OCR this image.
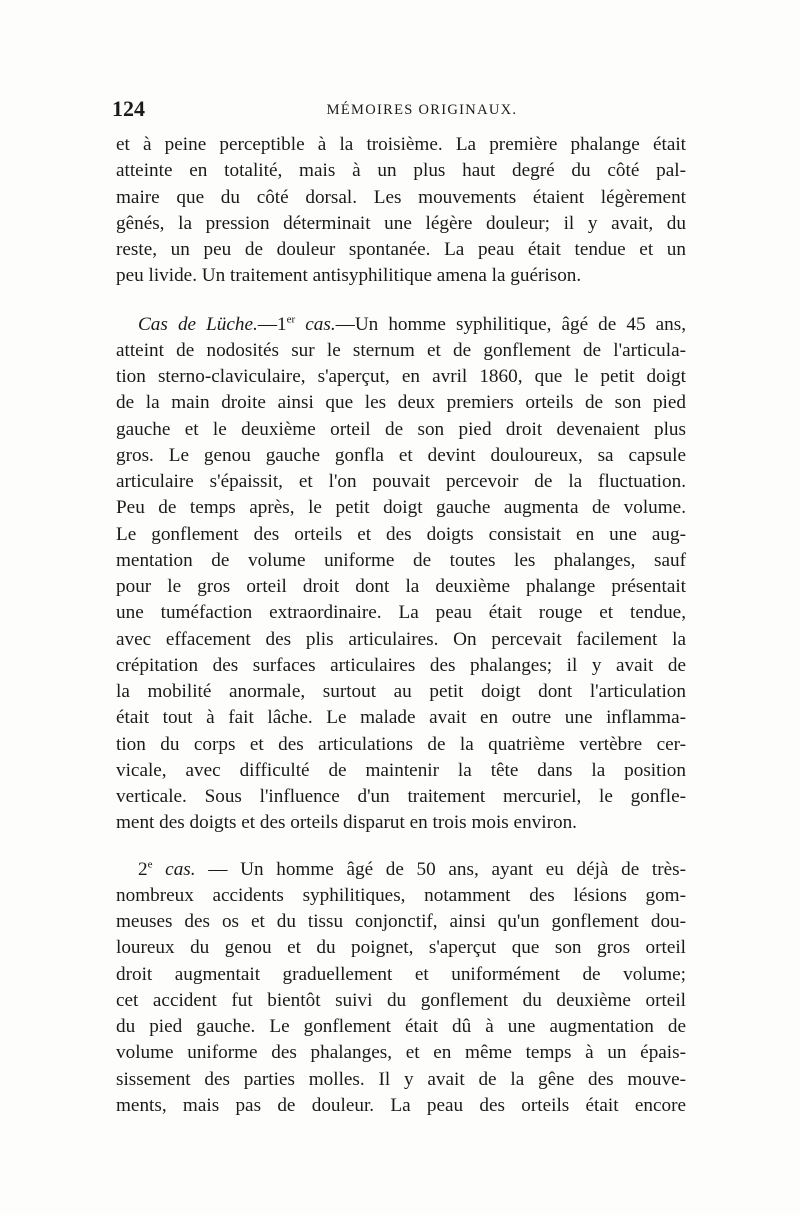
124	MÉMOIRES ORIGINAUX.
et à peine perceptible à la troisième. La première phalange était
atteinte en totalité, mais à un plus haut degré du côté pal-
maire que du côté dorsal. Les mouvements étaient légèrement
gênés, la pression déterminait une légère douleur; il y avait, du
reste, un peu de douleur spontanée. La peau était tendue et un
peu livide. Un traitement antisyphilitique amena la guérison.
Cas de Lüche.—1er cas.—Un homme syphilitique, âgé de 45 ans,
atteint de nodosités sur le sternum et de gonflement de l'articula-
tion sterno-claviculaire, s'aperçut, en avril 1860, que le petit doigt
de la main droite ainsi que les deux premiers orteils de son pied
gauche et le deuxième orteil de son pied droit devenaient plus
gros. Le genou gauche gonfla et devint douloureux, sa capsule
articulaire s'épaissit, et l'on pouvait percevoir de la fluctuation.
Peu de temps après, le petit doigt gauche augmenta de volume.
Le gonflement des orteils et des doigts consistait en une aug-
mentation de volume uniforme de toutes les phalanges, sauf
pour le gros orteil droit dont la deuxième phalange présentait
une tuméfaction extraordinaire. La peau était rouge et tendue,
avec effacement des plis articulaires. On percevait facilement la
crépitation des surfaces articulaires des phalanges; il y avait de
la mobilité anormale, surtout au petit doigt dont l'articulation
était tout à fait lâche. Le malade avait en outre une inflamma-
tion du corps et des articulations de la quatrième vertèbre cer-
vicale, avec difficulté de maintenir la tête dans la position
verticale. Sous l'influence d'un traitement mercuriel, le gonfle-
ment des doigts et des orteils disparut en trois mois environ.
2e cas. — Un homme âgé de 50 ans, ayant eu déjà de très-
nombreux accidents syphilitiques, notamment des lésions gom-
meuses des os et du tissu conjonctif, ainsi qu'un gonflement dou-
loureux du genou et du poignet, s'aperçut que son gros orteil
droit augmentait graduellement et uniformément de volume;
cet accident fut bientôt suivi du gonflement du deuxième orteil
du pied gauche. Le gonflement était dû à une augmentation de
volume uniforme des phalanges, et en même temps à un épais-
sissement des parties molles. Il y avait de la gêne des mouve-
ments, mais pas de douleur. La peau des orteils était encore
